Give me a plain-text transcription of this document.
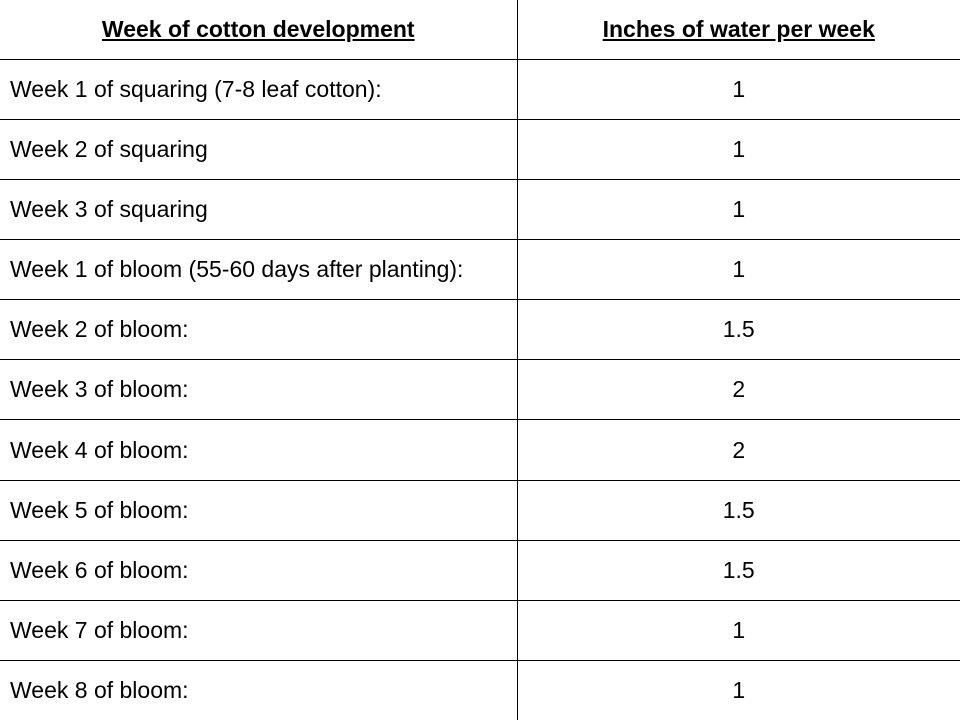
Week of cotton development	Inches of water per week
Week 1 of squaring (7-8 leaf cotton):	1
Week 2 of squaring	1
Week 3 of squaring	1
Week 1 of bloom (55-60 days after planting):	1
Week 2 of bloom:	1.5
Week 3 of bloom:	2
Week 4 of bloom:	2
Week 5 of bloom:	1.5
Week 6 of bloom:	1.5
Week 7 of bloom:	1
Week 8 of bloom:	1
